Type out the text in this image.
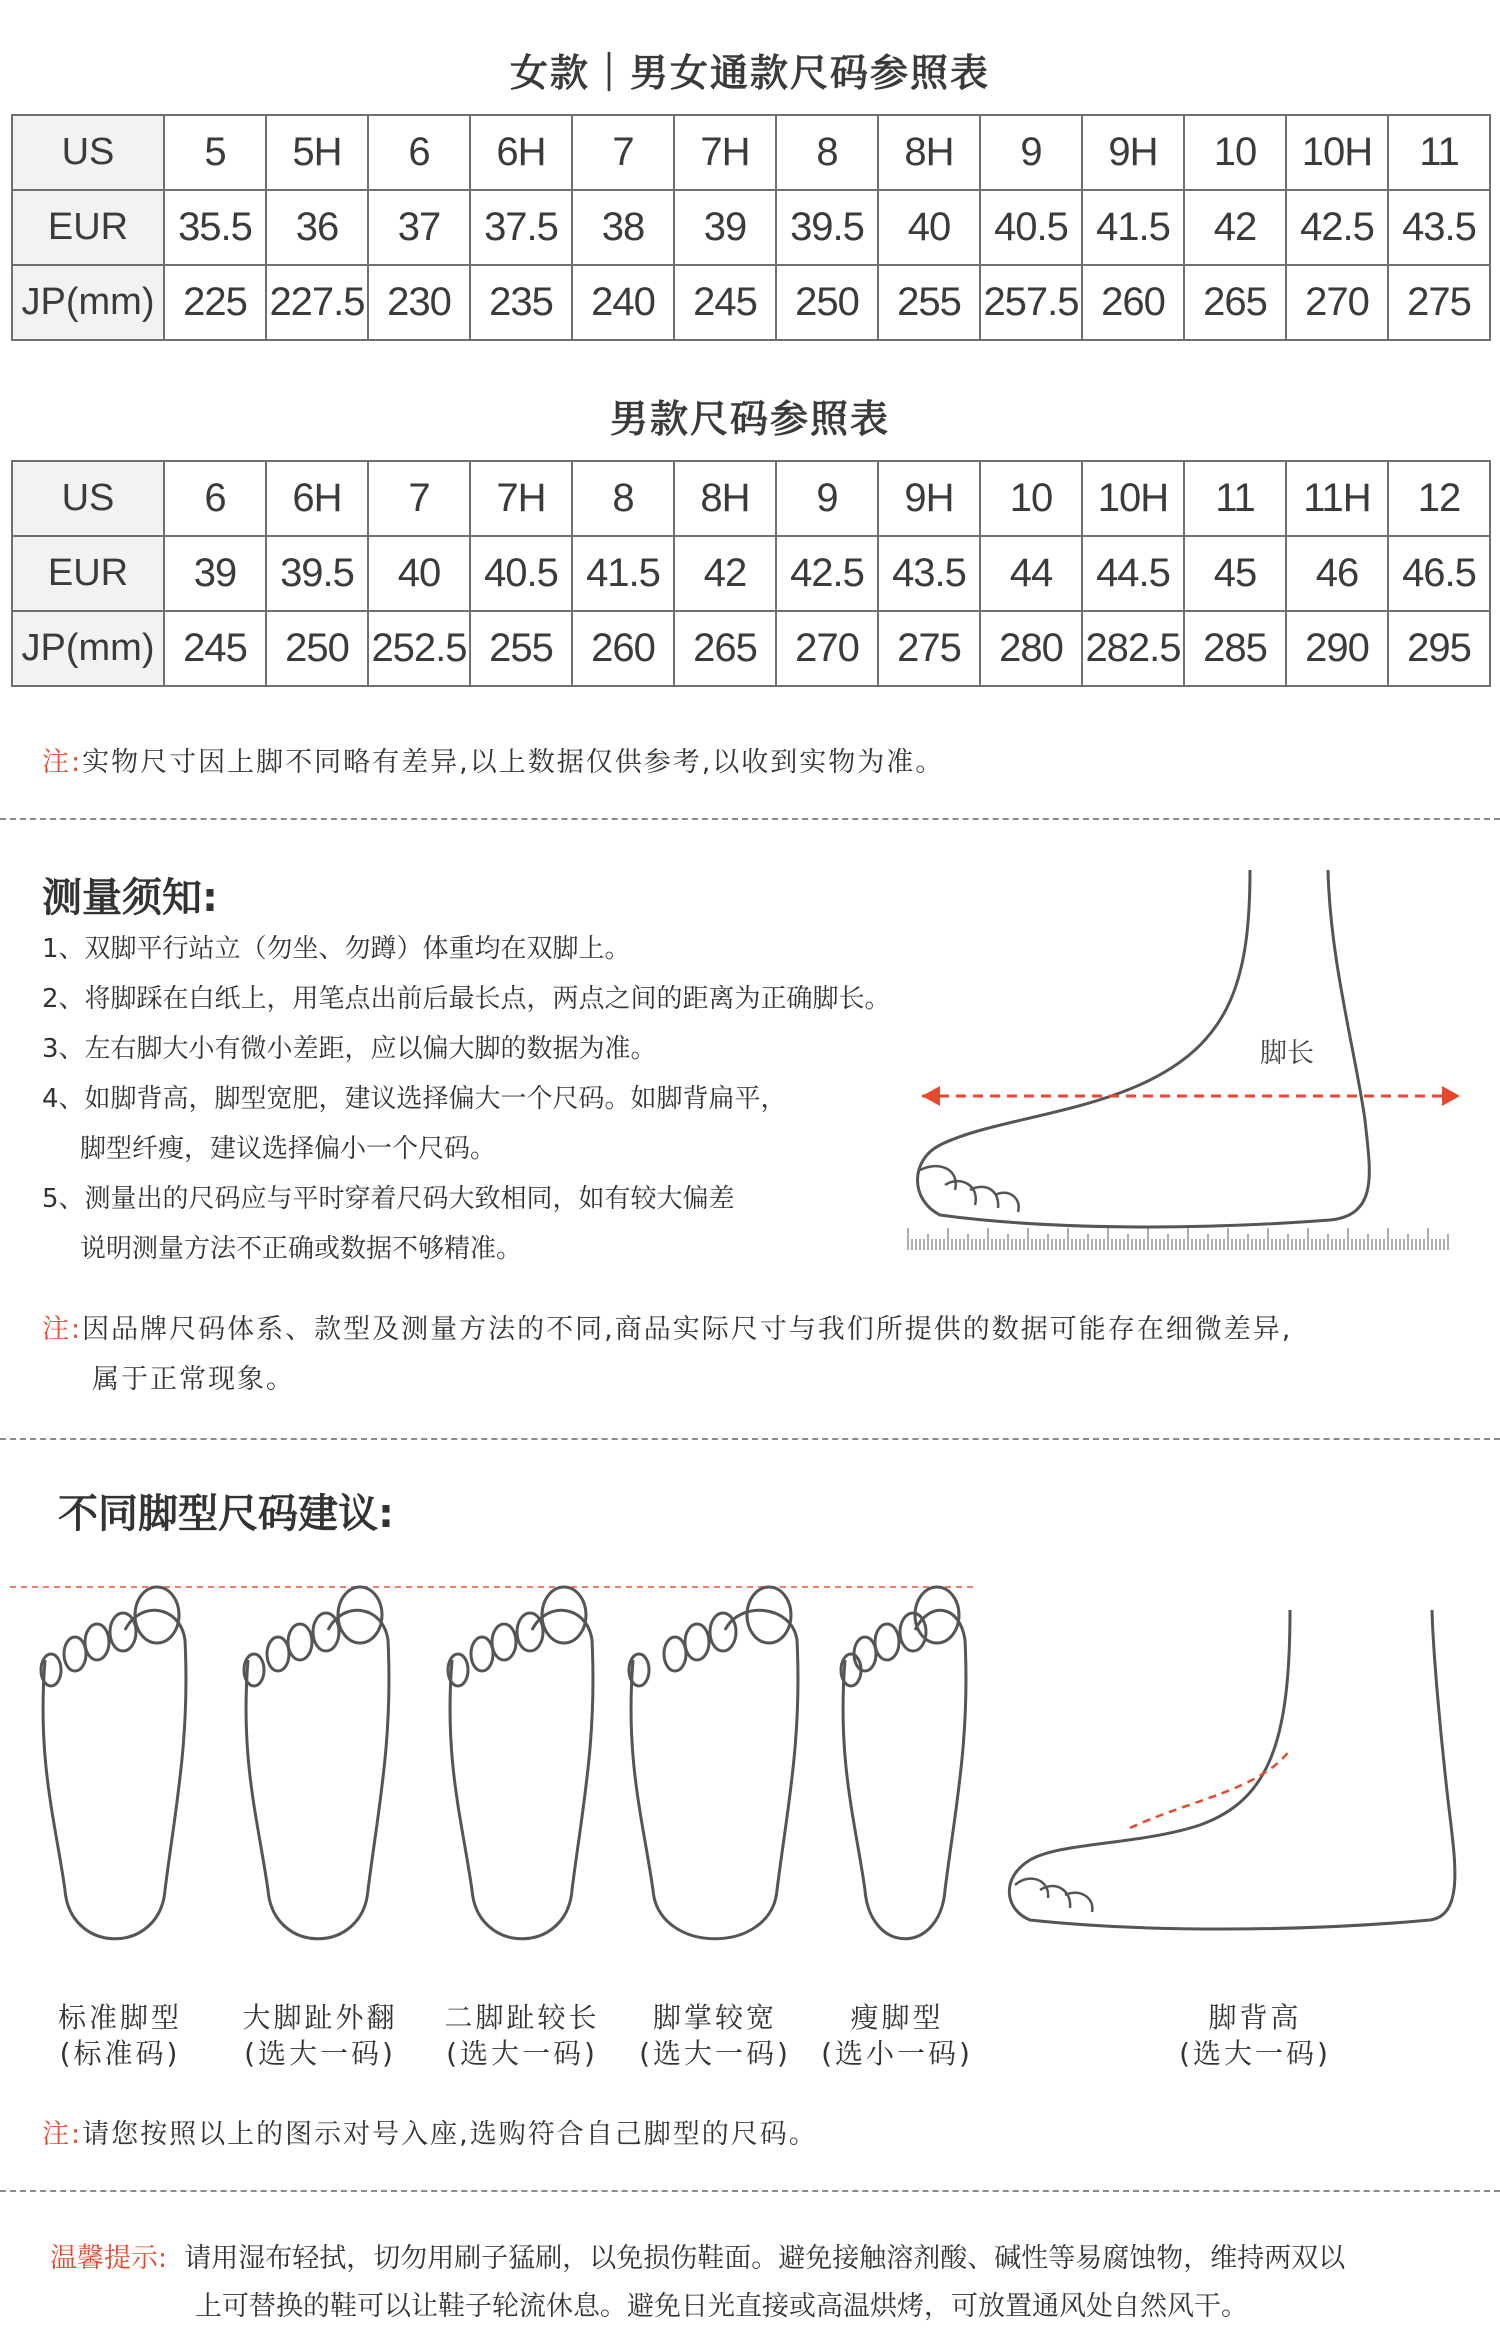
女款｜男女通款尺码参照表
US	5	5H	6	6H	7	7H	8	8H	9	9H	10	10H	11
EUR	35.5	36	37	37.5	38	39	39.5	40	40.5	41.5	42	42.5	43.5
JP(mm)	225	227.5	230	235	240	245	250	255	257.5	260	265	270	275
男款尺码参照表
US	6	6H	7	7H	8	8H	9	9H	10	10H	11	11H	12
EUR	39	39.5	40	40.5	41.5	42	42.5	43.5	44	44.5	45	46	46.5
JP(mm)	245	250	252.5	255	260	265	270	275	280	282.5	285	290	295
注:实物尺寸因上脚不同略有差异,以上数据仅供参考,以收到实物为准。
测量须知:
1、双脚平行站立（勿坐、勿蹲）体重均在双脚上。
2、将脚踩在白纸上，用笔点出前后最长点，两点之间的距离为正确脚长。
3、左右脚大小有微小差距，应以偏大脚的数据为准。
4、如脚背高，脚型宽肥，建议选择偏大一个尺码。如脚背扁平，
脚型纤瘦，建议选择偏小一个尺码。
5、测量出的尺码应与平时穿着尺码大致相同，如有较大偏差
说明测量方法不正确或数据不够精准。
脚长
注:因品牌尺码体系、款型及测量方法的不同,商品实际尺寸与我们所提供的数据可能存在细微差异,
属于正常现象。
不同脚型尺码建议:
标准脚型
(标准码)
大脚趾外翻
(选大一码)
二脚趾较长
(选大一码)
脚掌较宽
(选大一码)
瘦脚型
(选小一码)
脚背高
(选大一码)
注:请您按照以上的图示对号入座,选购符合自己脚型的尺码。
温馨提示: 请用湿布轻拭，切勿用刷子猛刷，以免损伤鞋面。避免接触溶剂酸、碱性等易腐蚀物，维持两双以
上可替换的鞋可以让鞋子轮流休息。避免日光直接或高温烘烤，可放置通风处自然风干。
